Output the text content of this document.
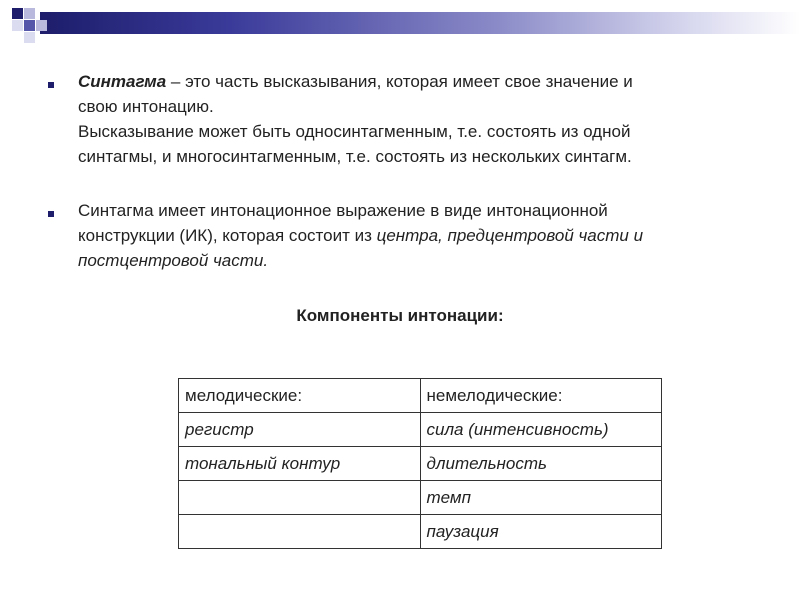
Синтагма – это часть высказывания, которая имеет свое значение и

свою интонацию.

Высказывание может быть односинтагменным, т.е. состоять из одной

синтагмы, и многосинтагменным, т.е. состоять из нескольких синтагм.

Синтагма имеет интонационное выражение в виде интонационной

конструкции (ИК), которая состоит из центра, предцентровой части и

постцентровой части.

Компоненты интонации:
мелодические:	немелодические:
регистр	сила (интенсивность)
тональный контур	длительность
	темп
	паузация
